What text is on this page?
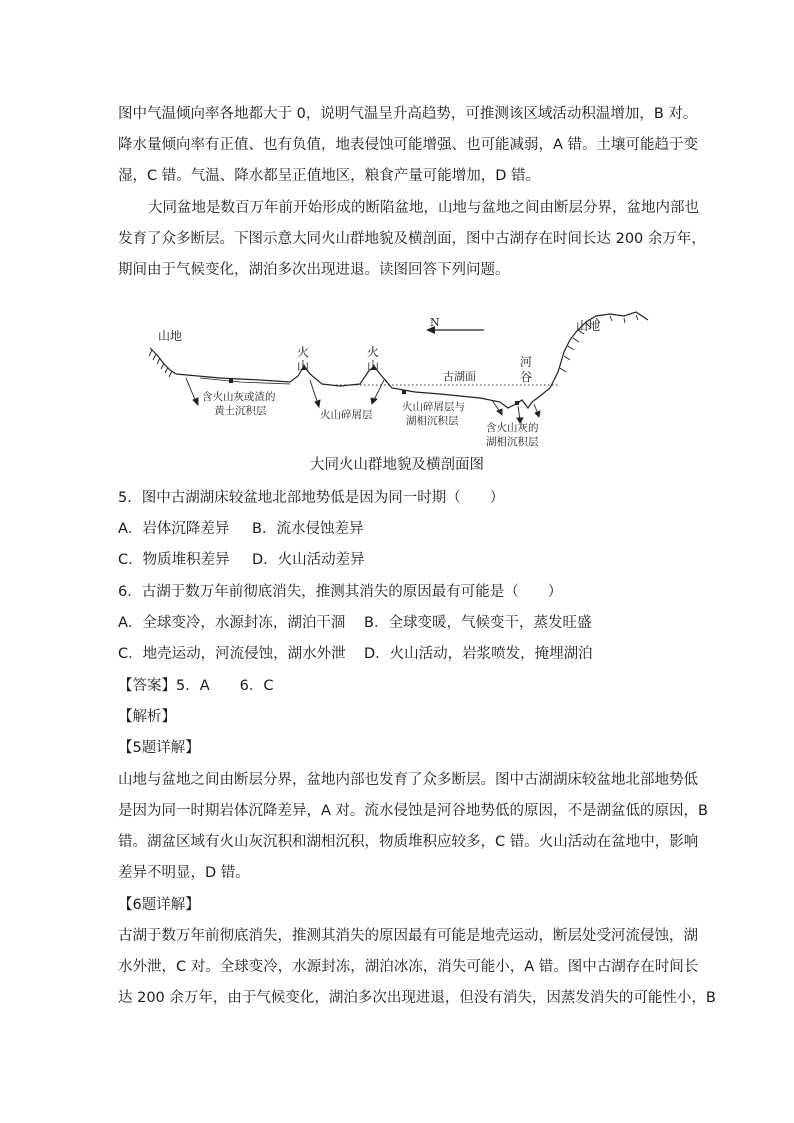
图中气温倾向率各地都大于 0，说明气温呈升高趋势，可推测该区域活动积温增加，B 对。
降水量倾向率有正值、也有负值，地表侵蚀可能增强、也可能减弱，A 错。土壤可能趋于变
湿，C 错。气温、降水都呈正值地区，粮食产量可能增加，D 错。
大同盆地是数百万年前开始形成的断陷盆地，山地与盆地之间由断层分界，盆地内部也
发育了众多断层。下图示意大同火山群地貌及横剖面，图中古湖存在时间长达 200 余万年，
期间由于气候变化，湖泊多次出现进退。读图回答下列问题。
山地
山地
火
山
火
山
N
古湖面
河
谷
含火山灰或渣的
黄土沉积层	火山碎屑层
火山碎屑层与
湖相沉积层
含火山灰的
湖相沉积层
大同火山群地貌及横剖面图
5．图中古湖湖床较盆地北部地势低是因为同一时期（　　）
A．岩体沉降差异 B．流水侵蚀差异
C．物质堆积差异 D．火山活动差异
6．古湖于数万年前彻底消失，推测其消失的原因最有可能是（　　）
A．全球变冷，水源封冻，湖泊干涸 B．全球变暖，气候变干，蒸发旺盛
C．地壳运动，河流侵蚀，湖水外泄 D．火山活动，岩浆喷发，掩埋湖泊
【答案】5．A 6．C
【解析】
【5题详解】
山地与盆地之间由断层分界，盆地内部也发育了众多断层。图中古湖湖床较盆地北部地势低
是因为同一时期岩体沉降差异，A 对。流水侵蚀是河谷地势低的原因，不是湖盆低的原因，B
错。湖盆区域有火山灰沉积和湖相沉积，物质堆积应较多，C 错。火山活动在盆地中，影响
差异不明显，D 错。
【6题详解】
古湖于数万年前彻底消失，推测其消失的原因最有可能是地壳运动，断层处受河流侵蚀，湖
水外泄，C 对。全球变冷，水源封冻，湖泊冰冻，消失可能小，A 错。图中古湖存在时间长
达 200 余万年，由于气候变化，湖泊多次出现进退，但没有消失，因蒸发消失的可能性小，B
